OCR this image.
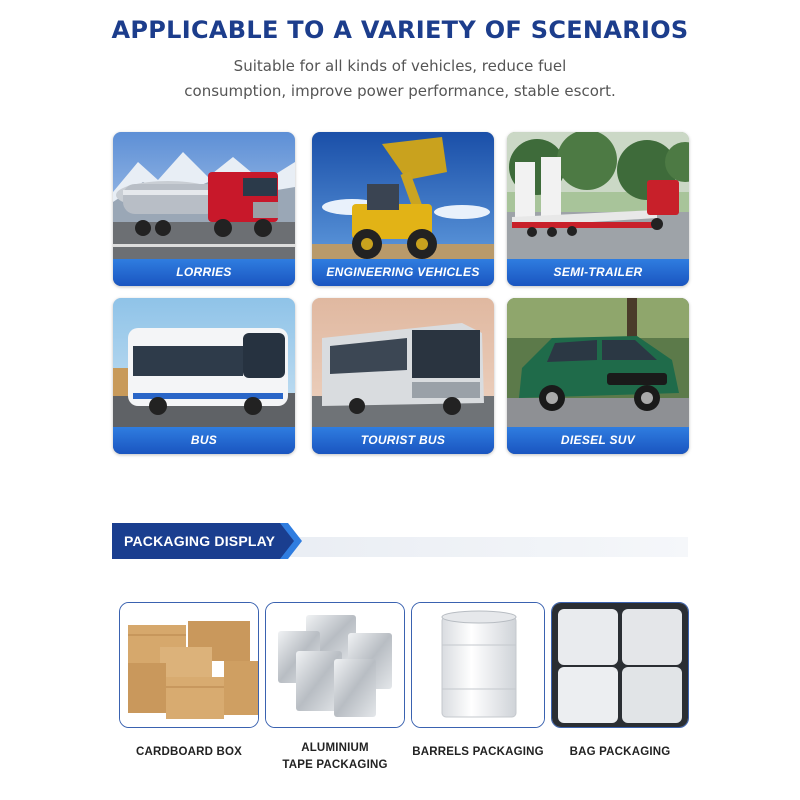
APPLICABLE TO A VARIETY OF SCENARIOS
Suitable for all kinds of vehicles, reduce fuel
consumption, improve power performance, stable escort.
LORRIES	ENGINEERING VEHICLES	SEMI-TRAILER
BUS	TOURIST BUS	DIESEL SUV
PACKAGING DISPLAY
CARDBOARD BOX	ALUMINIUM
TAPE PACKAGING
BARRELS PACKAGING	BAG PACKAGING
